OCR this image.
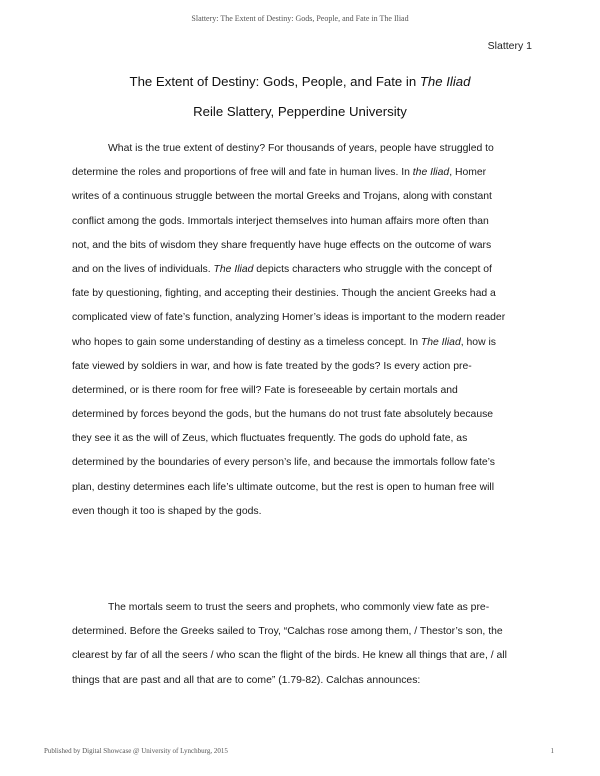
Slattery: The Extent of Destiny: Gods, People, and Fate in The Iliad
Slattery 1
The Extent of Destiny: Gods, People, and Fate in The Iliad
Reile Slattery, Pepperdine University
What is the true extent of destiny? For thousands of years, people have struggled to
determine the roles and proportions of free will and fate in human lives. In the Iliad, Homer
writes of a continuous struggle between the mortal Greeks and Trojans, along with constant
conflict among the gods. Immortals interject themselves into human affairs more often than
not, and the bits of wisdom they share frequently have huge effects on the outcome of wars
and on the lives of individuals. The Iliad depicts characters who struggle with the concept of
fate by questioning, fighting, and accepting their destinies. Though the ancient Greeks had a
complicated view of fate’s function, analyzing Homer’s ideas is important to the modern reader
who hopes to gain some understanding of destiny as a timeless concept. In The Iliad, how is
fate viewed by soldiers in war, and how is fate treated by the gods? Is every action pre-
determined, or is there room for free will? Fate is foreseeable by certain mortals and
determined by forces beyond the gods, but the humans do not trust fate absolutely because
they see it as the will of Zeus, which fluctuates frequently. The gods do uphold fate, as
determined by the boundaries of every person’s life, and because the immortals follow fate’s
plan, destiny determines each life’s ultimate outcome, but the rest is open to human free will
even though it too is shaped by the gods.
The mortals seem to trust the seers and prophets, who commonly view fate as pre-
determined. Before the Greeks sailed to Troy, “Calchas rose among them, / Thestor’s son, the
clearest by far of all the seers / who scan the flight of the birds. He knew all things that are, / all
things that are past and all that are to come” (1.79-82). Calchas announces:
Published by Digital Showcase @ University of Lynchburg, 2015	1
